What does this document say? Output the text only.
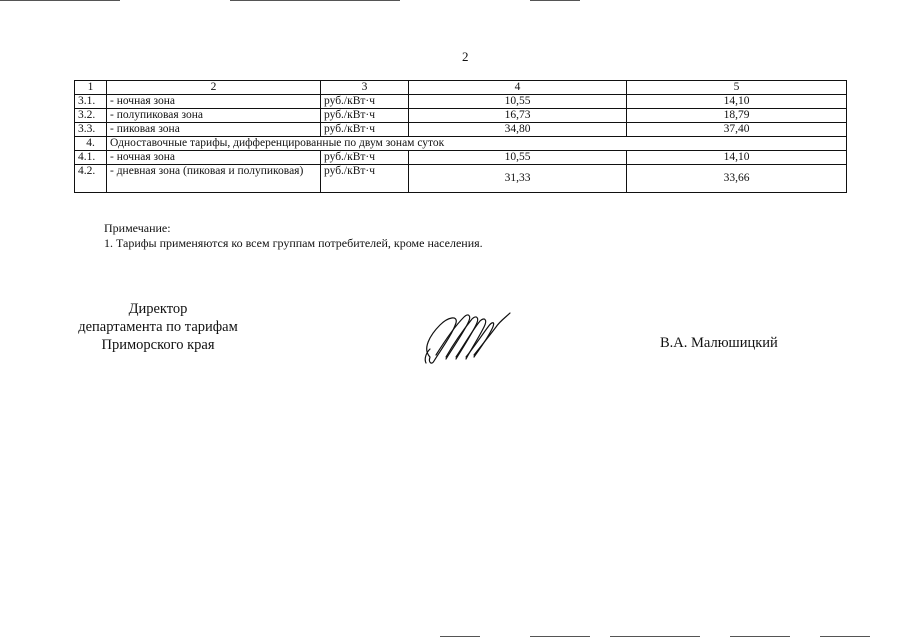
2
1	2	3	4	5
3.1.	- ночная зона	руб./кВт·ч	10,55	14,10
3.2.	- полупиковая зона	руб./кВт·ч	16,73	18,79
3.3.	- пиковая зона	руб./кВт·ч	34,80	37,40
4.	Одноставочные тарифы, дифференцированные по двум зонам суток			
4.1.	- ночная зона	руб./кВт·ч	10,55	14,10
4.2.	- дневная зона (пиковая и полупиковая)	руб./кВт·ч	31,33	33,66
Примечание:
1. Тарифы применяются ко всем группам потребителей, кроме населения.
Директор
департамента по тарифам
Приморского края	В.А. Малюшицкий
